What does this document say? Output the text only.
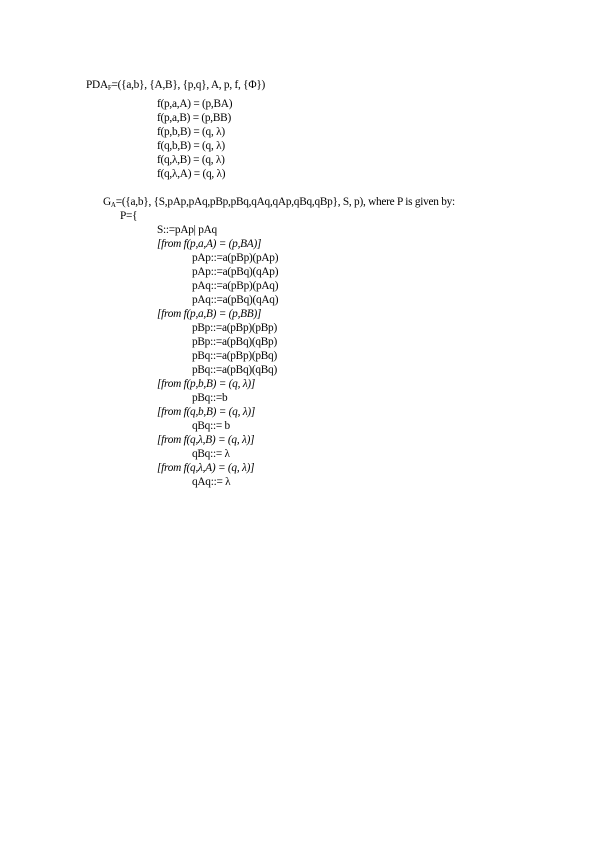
$PDA_F=(\{a,b\}$, {A,B}, {p,q}, A, p, f, {Φ})
f(p,a,A) = (p,BA)
f(p,a,B) = (p,BB)
f(p,b,B) = (q, λ)
f(q,b,B) = (q, λ)
f(q,λ,B) = (q, λ)
f(q,λ,A) = (q, λ)
$G_A=(\{a,b\}$, {S,pAp,pAq,pBp,pBq,qAq,qAp,qBq,qBp}, S, p), where P is given by:
P={
S::=pAp| pAq
[from f(p,a,A) = (p,BA)]
pAp::=a(pBp)(pAp)
pAp::=a(pBq)(qAp)
pAq::=a(pBp)(pAq)
pAq::=a(pBq)(qAq)
[from f(p,a,B) = (p,BB)]
pBp::=a(pBp)(pBp)
pBp::=a(pBq)(qBp)
pBq::=a(pBp)(pBq)
pBq::=a(pBq)(qBq)
[from f(p,b,B) = (q, λ)]
pBq::=b
[from f(q,b,B) = (q, λ)]
qBq::= b
[from f(q,λ,B) = (q, λ)]
qBq::= λ
[from f(q,λ,A) = (q, λ)]
qAq::= λ
